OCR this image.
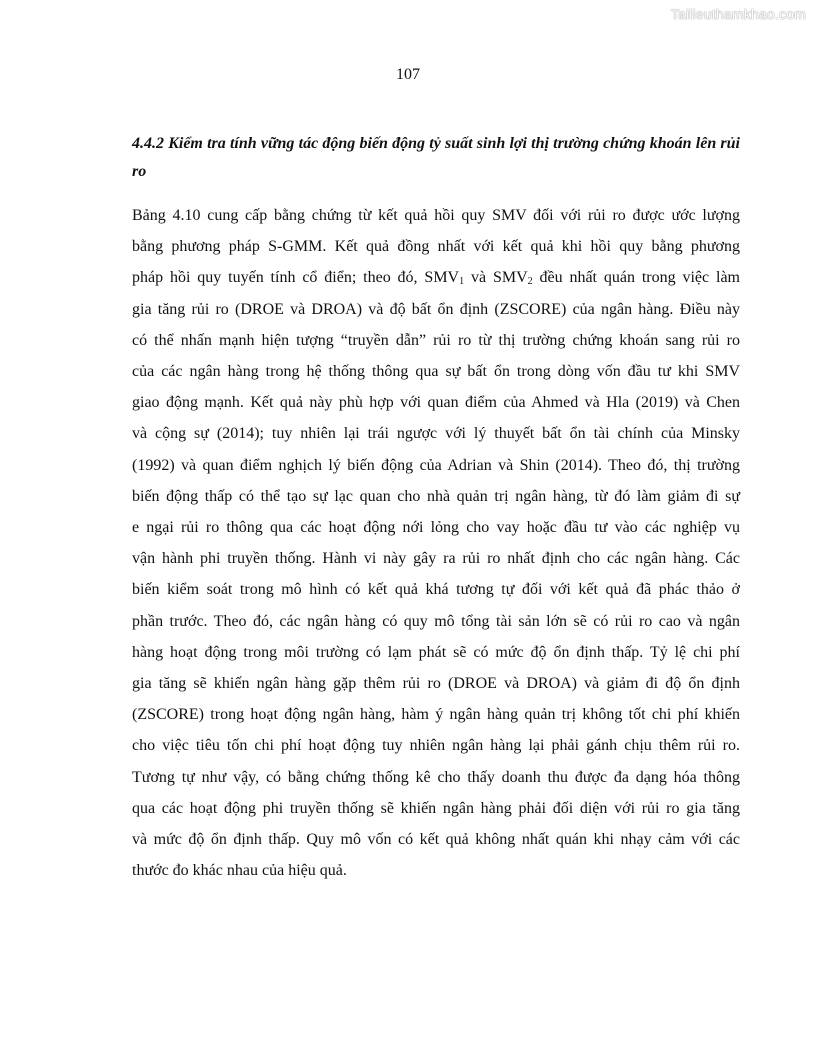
Tailieuthamkhao.com
107
4.4.2 Kiểm tra tính vững tác động biến động tỷ suất sinh lợi thị trường chứng khoán lên rủi ro
Bảng 4.10 cung cấp bằng chứng từ kết quả hồi quy SMV đối với rủi ro được ước lượng
bằng phương pháp S-GMM. Kết quả đồng nhất với kết quả khi hồi quy bằng phương
pháp hồi quy tuyến tính cổ điển; theo đó, $SMV_1$ và $SMV_2$ đều nhất quán trong việc làm
gia tăng rủi ro (DROE và DROA) và độ bất ổn định (ZSCORE) của ngân hàng. Điều này
có thể nhấn mạnh hiện tượng “truyền dẫn” rủi ro từ thị trường chứng khoán sang rủi ro
của các ngân hàng trong hệ thống thông qua sự bất ổn trong dòng vốn đầu tư khi SMV
giao động mạnh. Kết quả này phù hợp với quan điểm của Ahmed và Hla (2019) và Chen
và cộng sự (2014); tuy nhiên lại trái ngược với lý thuyết bất ổn tài chính của Minsky
(1992) và quan điểm nghịch lý biến động của Adrian và Shin (2014). Theo đó, thị trường
biến động thấp có thể tạo sự lạc quan cho nhà quản trị ngân hàng, từ đó làm giảm đi sự
e ngại rủi ro thông qua các hoạt động nới lỏng cho vay hoặc đầu tư vào các nghiệp vụ
vận hành phi truyền thống. Hành vi này gây ra rủi ro nhất định cho các ngân hàng. Các
biến kiểm soát trong mô hình có kết quả khá tương tự đối với kết quả đã phác thảo ở
phần trước. Theo đó, các ngân hàng có quy mô tổng tài sản lớn sẽ có rủi ro cao và ngân
hàng hoạt động trong môi trường có lạm phát sẽ có mức độ ổn định thấp. Tỷ lệ chi phí
gia tăng sẽ khiến ngân hàng gặp thêm rủi ro (DROE và DROA) và giảm đi độ ổn định
(ZSCORE) trong hoạt động ngân hàng, hàm ý ngân hàng quản trị không tốt chi phí khiến
cho việc tiêu tốn chi phí hoạt động tuy nhiên ngân hàng lại phải gánh chịu thêm rủi ro.
Tương tự như vậy, có bằng chứng thống kê cho thấy doanh thu được đa dạng hóa thông
qua các hoạt động phi truyền thống sẽ khiến ngân hàng phải đối diện với rủi ro gia tăng
và mức độ ổn định thấp. Quy mô vốn có kết quả không nhất quán khi nhạy cảm với các
thước đo khác nhau của hiệu quả.
